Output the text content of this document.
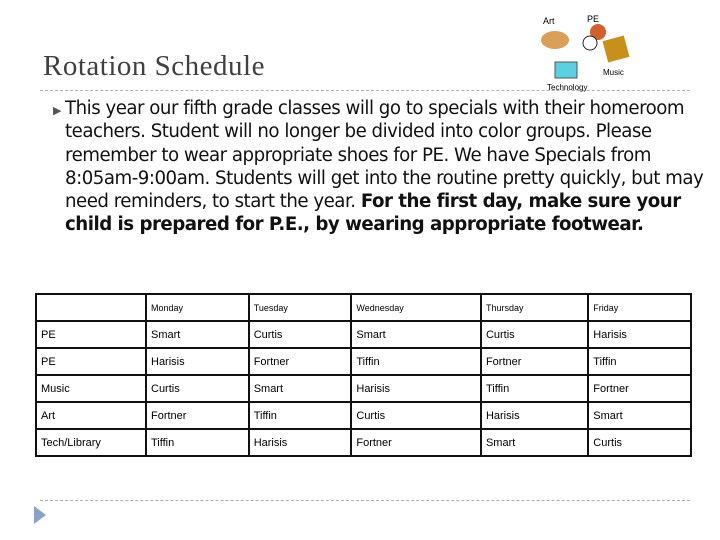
Rotation Schedule
Art	PE
Music
Technology
▶ This year our fifth grade classes will go to specials with their homeroom teachers. Student will no longer be divided into color groups. Please remember to wear appropriate shoes for PE. We have Specials from 8:05am-9:00am. Students will get into the routine pretty quickly, but may need reminders, to start the year. For the first day, make sure your child is prepared for P.E., by wearing appropriate footwear.
	Monday	Tuesday	Wednesday	Thursday	Friday
PE	Smart	Curtis	Smart	Curtis	Harisis
PE	Harisis	Fortner	Tiffin	Fortner	Tiffin
Music	Curtis	Smart	Harisis	Tiffin	Fortner
Art	Fortner	Tiffin	Curtis	Harisis	Smart
Tech/Library	Tiffin	Harisis	Fortner	Smart	Curtis
